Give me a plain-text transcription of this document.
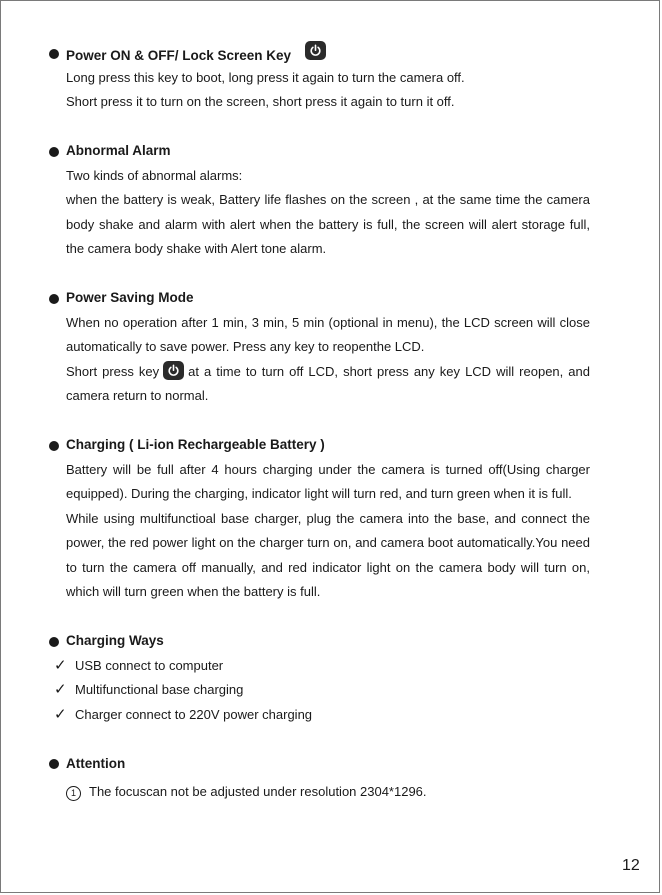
Power ON & OFF/ Lock Screen Key

Long press this key to boot, long press it again to turn the camera off.

Short press it to turn on the screen, short press it again to turn it off.

Abnormal Alarm

Two kinds of abnormal alarms:

when the battery is weak, Battery life flashes on the screen , at the same time the camera body shake and alarm with alert when the battery is full, the screen will alert storage full, the camera body shake with Alert tone alarm.

Power Saving Mode

When no operation after 1 min, 3 min, 5 min (optional in menu), the LCD screen will close automatically to save power. Press any key to reopenthe LCD.

Short press key at a time to turn off LCD, short press any key LCD will reopen, and camera return to normal.

Charging ( Li-ion Rechargeable Battery )

Battery will be full after 4 hours charging under the camera is turned off(Using charger equipped). During the charging, indicator light will turn red, and turn green when it is full.

While using multifunctioal base charger, plug the camera into the base, and connect the power, the red power light on the charger turn on, and camera boot automatically.You need to turn the camera off manually, and red indicator light on the camera body will turn on, which will turn green when the battery is full.

Charging Ways
✓ USB connect to computer
✓ Multifunctional base charging
✓ Charger connect to 220V power charging
Attention
1 The focuscan not be adjusted under resolution 2304*1296.
12
